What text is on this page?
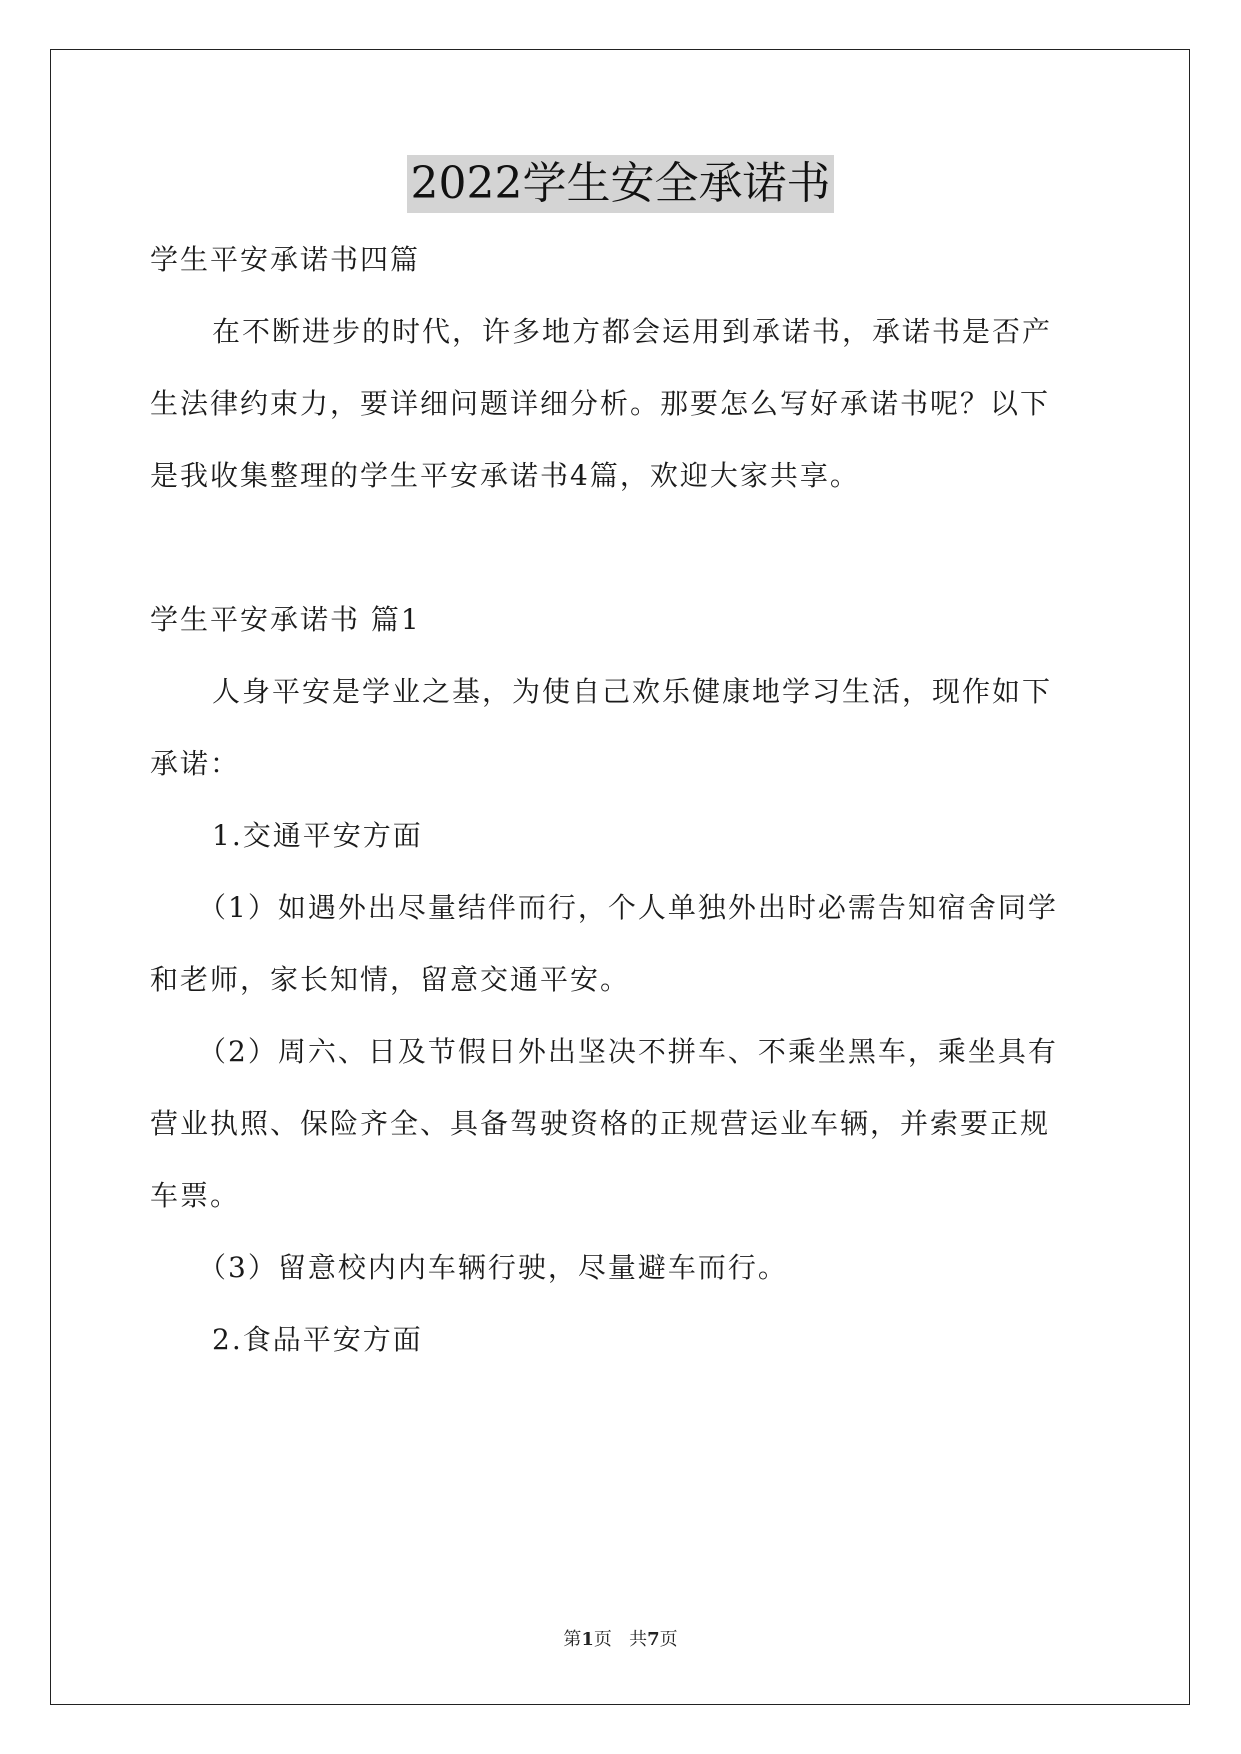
2022学生安全承诺书
学生平安承诺书四篇
在不断进步的时代，许多地方都会运用到承诺书，承诺书是否产
生法律约束力，要详细问题详细分析。那要怎么写好承诺书呢？以下
是我收集整理的学生平安承诺书4篇，欢迎大家共享。
学生平安承诺书 篇1
人身平安是学业之基，为使自己欢乐健康地学习生活，现作如下
承诺：
1.交通平安方面
（1）如遇外出尽量结伴而行，个人单独外出时必需告知宿舍同学
和老师，家长知情，留意交通平安。
（2）周六、日及节假日外出坚决不拼车、不乘坐黑车，乘坐具有
营业执照、保险齐全、具备驾驶资格的正规营运业车辆，并索要正规
车票。
（3）留意校内内车辆行驶，尽量避车而行。
2.食品平安方面
第1页   共7页
